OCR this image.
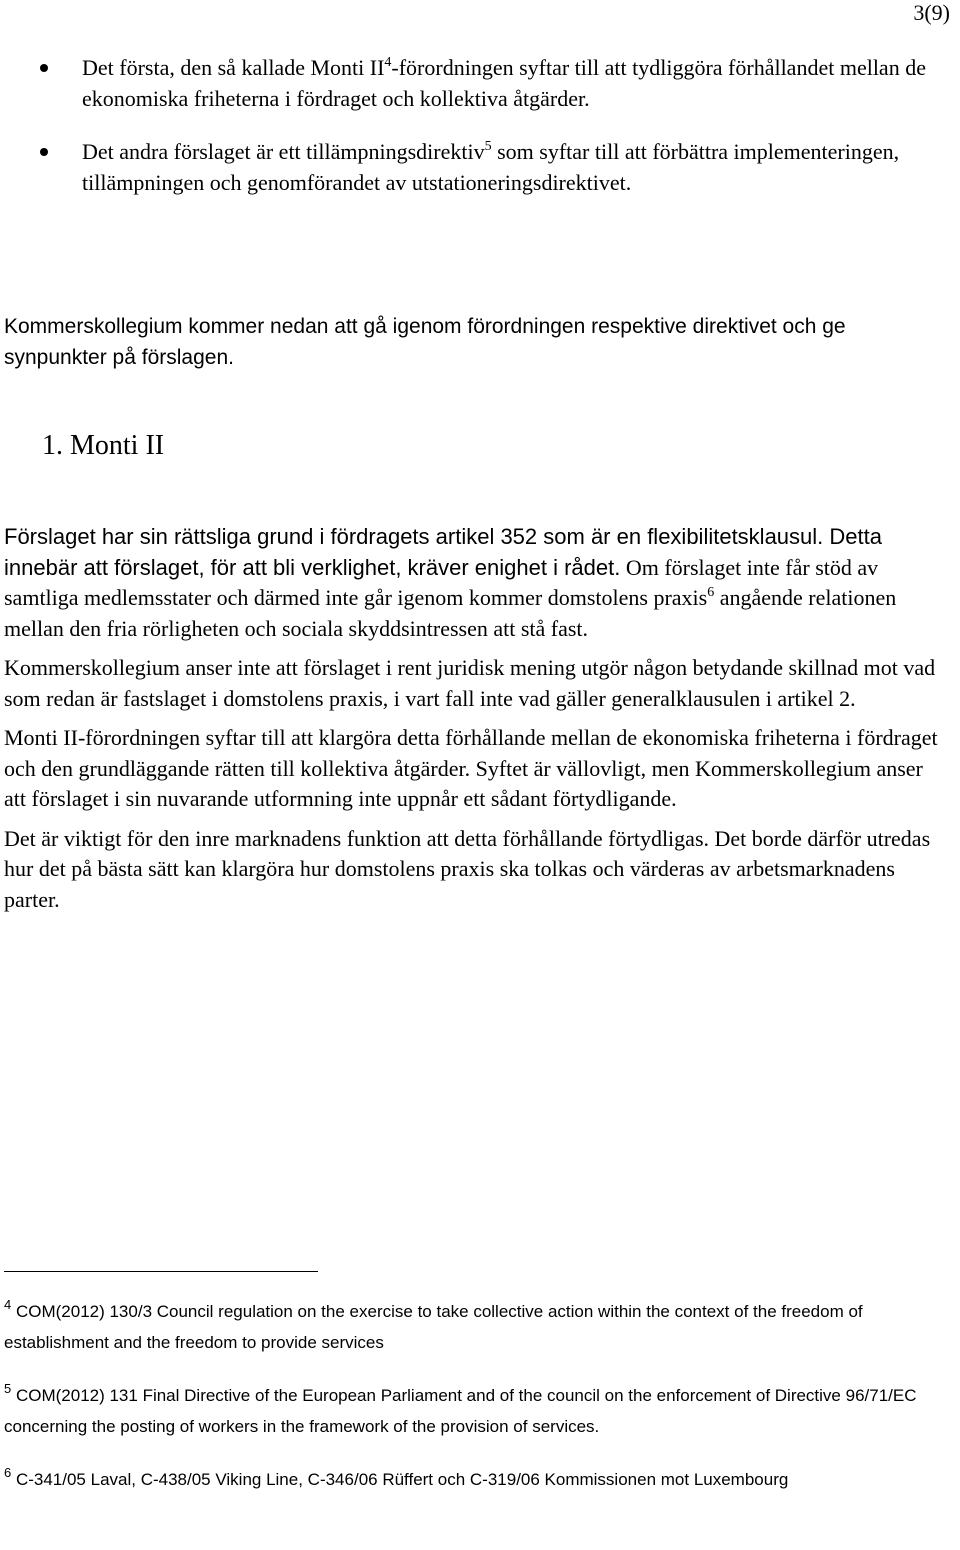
3(9)
Det första, den så kallade Monti $II^4$-förordningen syftar till att tydliggöra förhållandet mellan de ekonomiska friheterna i fördraget och kollektiva åtgärder.
Det andra förslaget är ett tillämpningsdirektiv$^5$ som syftar till att förbättra implementeringen, tillämpningen och genomförandet av utstationeringsdirektivet.

Kommerskollegium kommer nedan att gå igenom förordningen respektive direktivet och ge synpunkter på förslagen.

1. Monti II

Förslaget har sin rättsliga grund i fördragets artikel 352 som är en flexibilitetsklausul. Detta innebär att förslaget, för att bli verklighet, kräver enighet i rådet. Om förslaget inte får stöd av samtliga medlemsstater och därmed inte går igenom kommer domstolens praxis$^6$ angående relationen mellan den fria rörligheten och sociala skyddsintressen att stå fast.

Kommerskollegium anser inte att förslaget i rent juridisk mening utgör någon betydande skillnad mot vad som redan är fastslaget i domstolens praxis, i vart fall inte vad gäller generalklausulen i artikel 2.

Monti II-förordningen syftar till att klargöra detta förhållande mellan de ekonomiska friheterna i fördraget och den grundläggande rätten till kollektiva åtgärder. Syftet är vällovligt, men Kommerskollegium anser att förslaget i sin nuvarande utformning inte uppnår ett sådant förtydligande.

Det är viktigt för den inre marknadens funktion att detta förhållande förtydligas. Det borde därför utredas hur det på bästa sätt kan klargöra hur domstolens praxis ska tolkas och värderas av arbetsmarknadens parter.

$^4$ COM(2012) 130/3 Council regulation on the exercise to take collective action within the context of the freedom of establishment and the freedom to provide services

$^5$ COM(2012) 131 Final Directive of the European Parliament and of the council on the enforcement of Directive 96/71/EC concerning the posting of workers in the framework of the provision of services.

$^6$ C-341/05 Laval, C-438/05 Viking Line, C-346/06 Rüffert och C-319/06 Kommissionen mot Luxembourg
